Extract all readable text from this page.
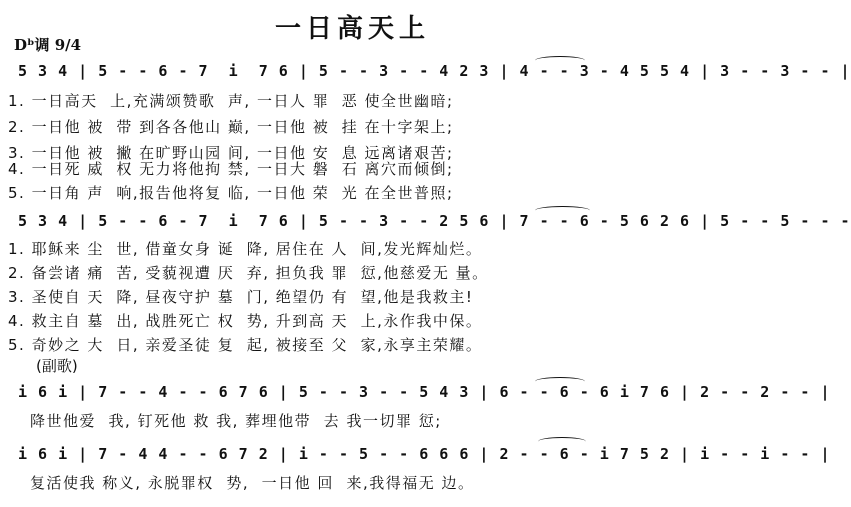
Dᵇ调 9/4
一日高天上
5 3 4 | 5 - - 6 - 7  i  7 6 | 5 - - 3 - - 4 2 3 | 4 - - 3 - 4 5 5 4 | 3 - - 3 - - |
1. 一日高天  上,充满颂赞歌  声, 一日人 罪  恶 使全世幽暗;
2. 一日他 被  带 到各各他山 巅, 一日他 被  挂 在十字架上;
3. 一日他 被  撇 在旷野山园 间, 一日他 安  息 远离诸艰苦;
4. 一日死 威  权 无力将他拘 禁, 一日大 磐  石 离穴而倾倒;
5. 一日角 声  响,报告他将复 临, 一日他 荣  光 在全世普照;
5 3 4 | 5 - - 6 - 7  i  7 6 | 5 - - 3 - - 2 5 6 | 7 - - 6 - 5 6 2 6 | 5 - - 5 - - -
1. 耶稣来 尘  世, 借童女身 诞  降, 居住在 人  间,发光辉灿烂。
2. 备尝诸 痛  苦, 受藐视遭 厌  弃, 担负我 罪  愆,他慈爱无 量。
3. 圣使自 天  降, 昼夜守护 墓  门, 绝望仍 有  望,他是我救主!
4. 救主自 墓  出, 战胜死亡 权  势, 升到高 天  上,永作我中保。
5. 奇妙之 大  日, 亲爱圣徒 复  起, 被接至 父  家,永享主荣耀。
(副歌)
i 6 i | 7 - - 4 - - 6 7 6 | 5 - - 3 - - 5 4 3 | 6 - - 6 - 6 i 7 6 | 2 - - 2 - - |
降世他爱  我, 钉死他 救 我, 葬埋他带  去 我一切罪 愆;
i 6 i | 7 - 4 4 - - 6 7 2 | i - - 5 - - 6 6 6 | 2 - - 6 - i 7 5 2 | i - - i - - |
复活使我 称义, 永脱罪权  势,  一日他 回  来,我得福无 边。
